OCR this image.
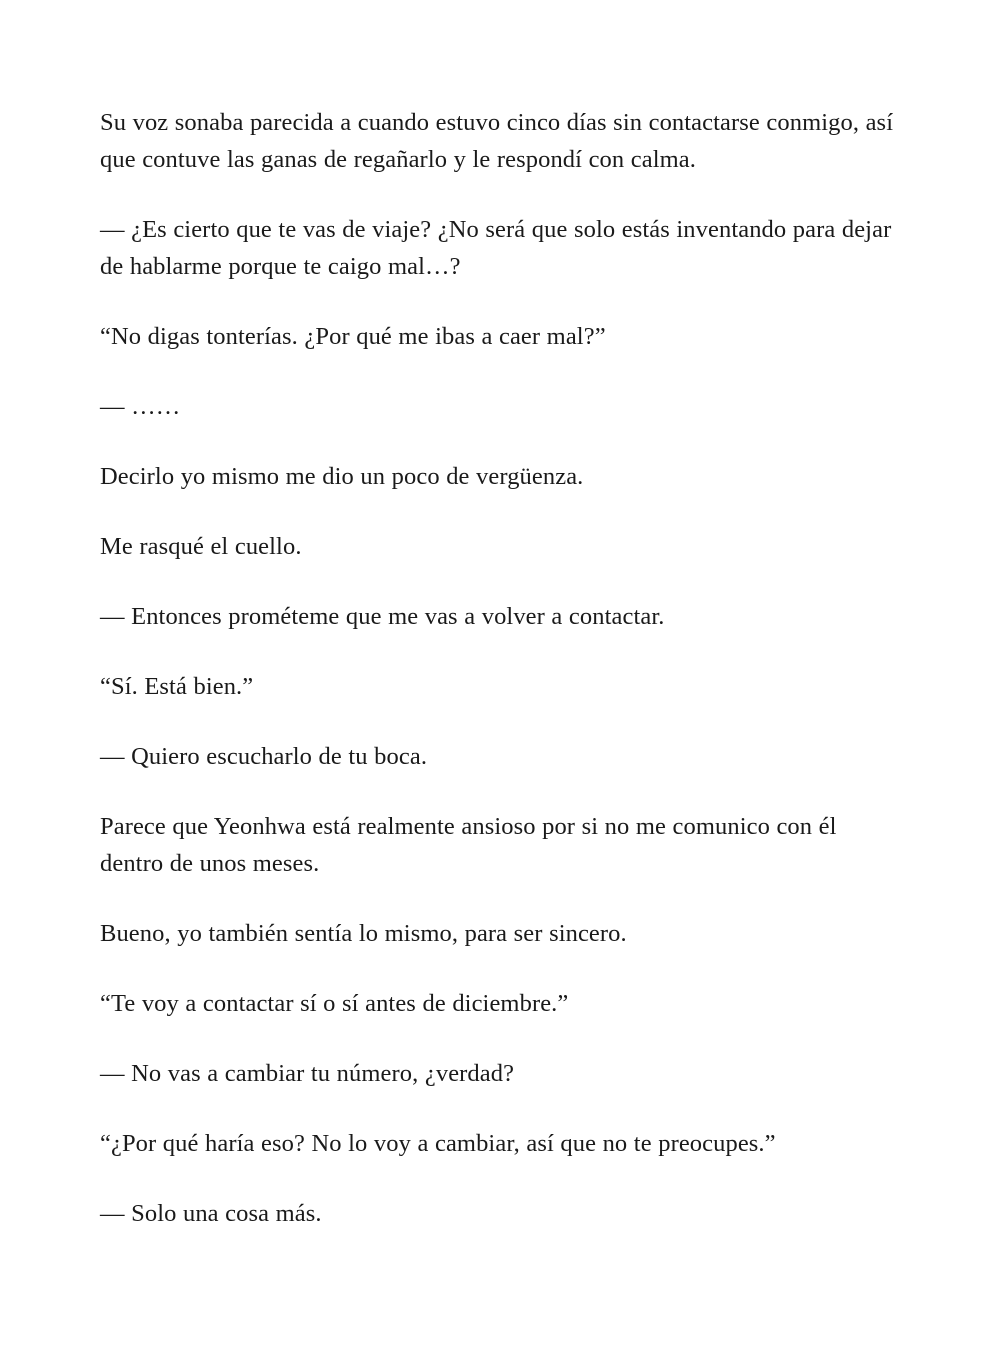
Su voz sonaba parecida a cuando estuvo cinco días sin contactarse conmigo, así que contuve las ganas de regañarlo y le respondí con calma.

— ¿Es cierto que te vas de viaje? ¿No será que solo estás inventando para dejar de hablarme porque te caigo mal…?

“No digas tonterías. ¿Por qué me ibas a caer mal?”

— ……

Decirlo yo mismo me dio un poco de vergüenza.

Me rasqué el cuello.

— Entonces prométeme que me vas a volver a contactar.

“Sí. Está bien.”

— Quiero escucharlo de tu boca.

Parece que Yeonhwa está realmente ansioso por si no me comunico con él dentro de unos meses.

Bueno, yo también sentía lo mismo, para ser sincero.

“Te voy a contactar sí o sí antes de diciembre.”

— No vas a cambiar tu número, ¿verdad?

“¿Por qué haría eso? No lo voy a cambiar, así que no te preocupes.”

— Solo una cosa más.
